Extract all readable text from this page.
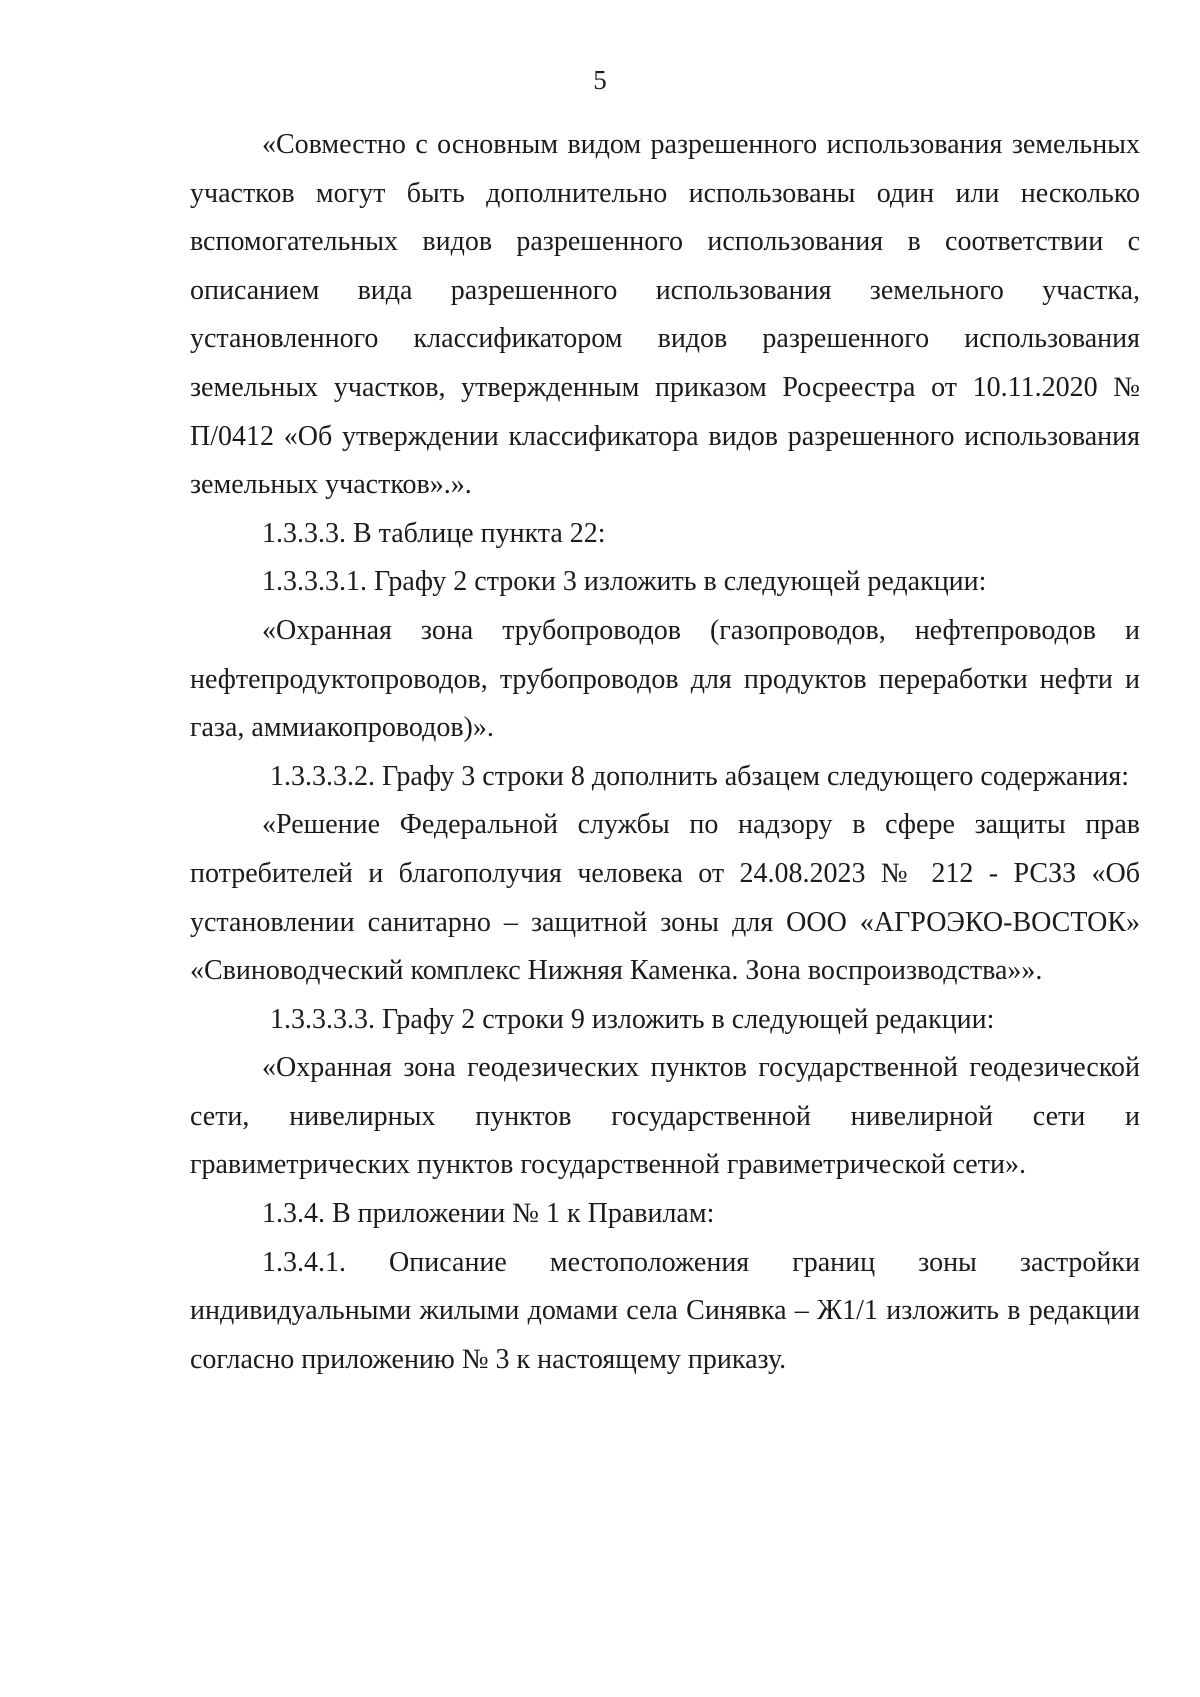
5

«Совместно с основным видом разрешенного использования земельных участков могут быть дополнительно использованы один или несколько вспомогательных видов разрешенного использования в соответствии с описанием вида разрешенного использования земельного участка, установленного классификатором видов разрешенного использования земельных участков, утвержденным приказом Росреестра от 10.11.2020 № П/0412 «Об утверждении классификатора видов разрешенного использования земельных участков».».

1.3.3.3. В таблице пункта 22:

1.3.3.3.1. Графу 2 строки 3 изложить в следующей редакции:

«Охранная зона трубопроводов (газопроводов, нефтепроводов и нефтепродуктопроводов, трубопроводов для продуктов переработки нефти и газа, аммиакопроводов)».

1.3.3.3.2. Графу 3 строки 8 дополнить абзацем следующего содержания:

«Решение Федеральной службы по надзору в сфере защиты прав потребителей и благополучия человека от 24.08.2023 № 212 - РСЗЗ «Об установлении санитарно – защитной зоны для ООО «АГРОЭКО-ВОСТОК» «Свиноводческий комплекс Нижняя Каменка. Зона воспроизводства»».

1.3.3.3.3. Графу 2 строки 9 изложить в следующей редакции:

«Охранная зона геодезических пунктов государственной геодезической сети, нивелирных пунктов государственной нивелирной сети и гравиметрических пунктов государственной гравиметрической сети».

1.3.4. В приложении № 1 к Правилам:

1.3.4.1. Описание местоположения границ зоны застройки индивидуальными жилыми домами села Синявка – Ж1/1 изложить в редакции согласно приложению № 3 к настоящему приказу.
